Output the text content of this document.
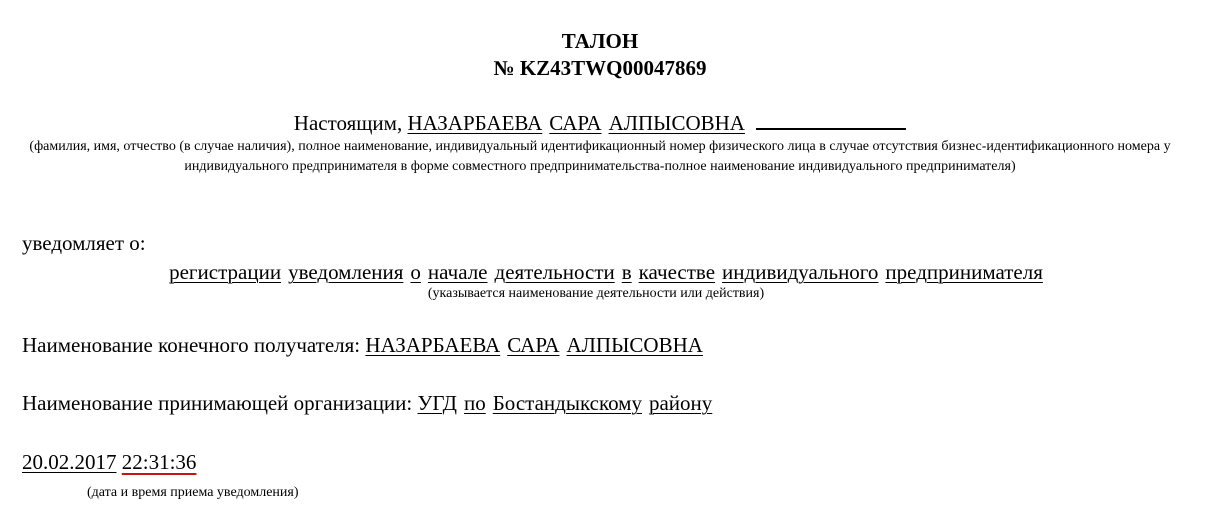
ТАЛОН
№ KZ43TWQ00047869
Настоящим, НАЗАРБАЕВА САРА АЛПЫСОВНА
(фамилия, имя, отчество (в случае наличия), полное наименование, индивидуальный идентификационный номер физического лица в случае отсутствия бизнес-идентификационного номера у индивидуального предпринимателя в форме совместного предпринимательства-полное наименование индивидуального предпринимателя)
уведомляет о:
регистрации уведомления о начале деятельности в качестве индивидуального предпринимателя
(указывается наименование деятельности или действия)
Наименование конечного получателя: НАЗАРБАЕВА САРА АЛПЫСОВНА
Наименование принимающей организации: УГД по Бостандыкскому району
20.02.2017 22:31:36
(дата и время приема уведомления)
